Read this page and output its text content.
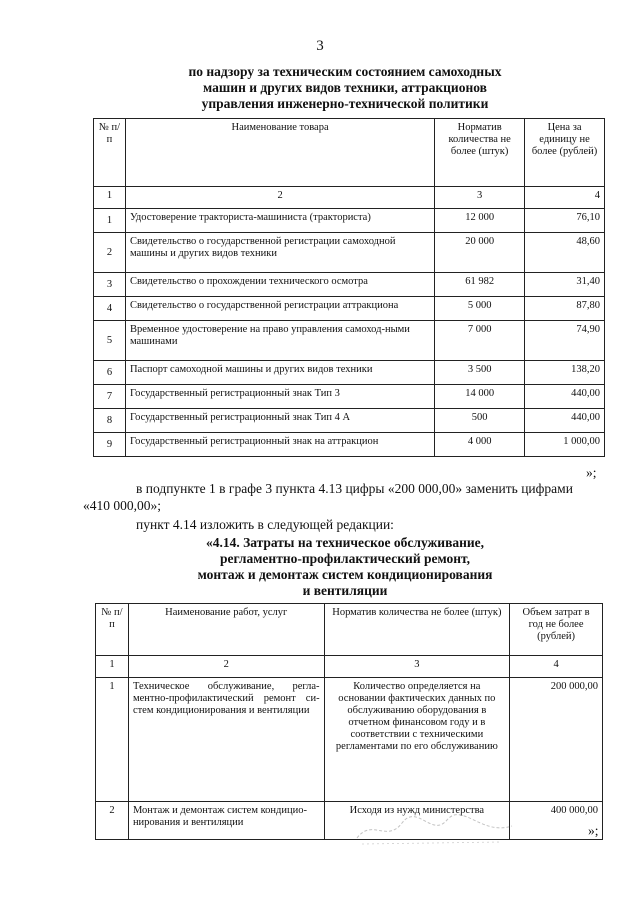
3
по надзору за техническим состоянием самоходных
машин и других видов техники, аттракционов
управления инженерно-технической политики
№ п/п	Наименование товара	Норматив количества не более (штук)	Цена за единицу не более (рублей)
1	2	3	4
1	Удостоверение тракториста-машиниста (тракториста)	12 000	76,10
2	Свидетельство о государственной регистрации самоходной машины и других видов техники	20 000	48,60
3	Свидетельство о прохождении технического осмотра	61 982	31,40
4	Свидетельство о государственной регистрации аттракциона	5 000	87,80
5	Временное удостоверение на право управления самоход-ными машинами	7 000	74,90
6	Паспорт самоходной машины и других видов техники	3 500	138,20
7	Государственный регистрационный знак Тип 3	14 000	440,00
8	Государственный регистрационный знак Тип 4 А	500	440,00
9	Государственный регистрационный знак на аттракцион	4 000	1 000,00
»;
в подпункте 1 в графе 3 пункта 4.13 цифры «200 000,00» заменить цифрами
«410 000,00»;
пункт 4.14 изложить в следующей редакции:
«4.14. Затраты на техническое обслуживание,
регламентно-профилактический ремонт,
монтаж и демонтаж систем кондиционирования
и вентиляции
№ п/п	Наименование работ, услуг	Норматив количества не более (штук)	Объем затрат в год не более (рублей)
1	2	3	4
1	Техническое обслуживание, регла-ментно-профилактический ремонт си-стем кондиционирования и вентиляции	Количество определяется на основании фактических данных по обслуживанию оборудования в отчетном финансовом году и в соответствии с техническими регламентами по его обслуживанию	200 000,00
2	Монтаж и демонтаж систем кондицио-нирования и вентиляции	Исходя из нужд министерства	400 000,00
»;
